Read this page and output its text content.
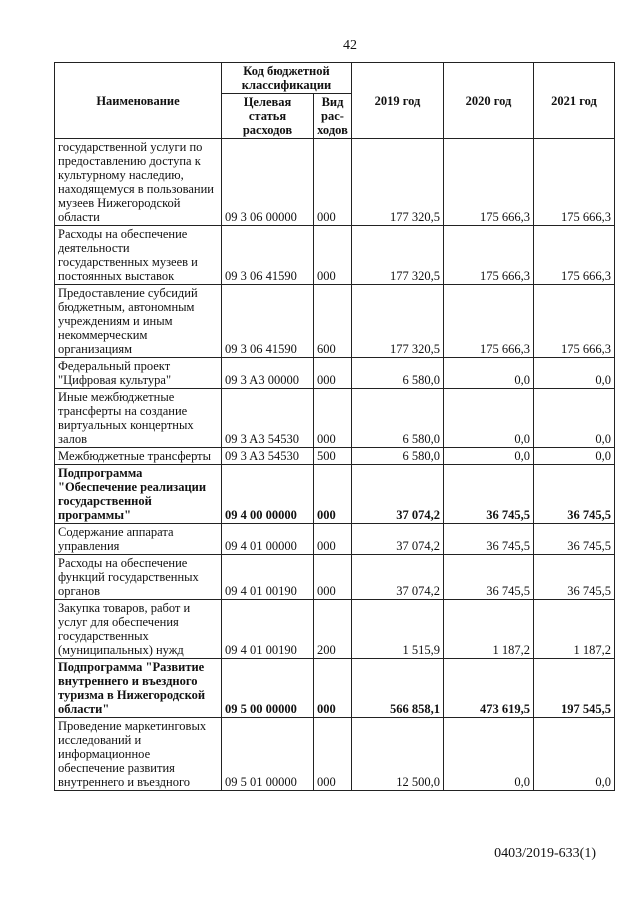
42
Наименование	Код бюджетной классификации		2019 год	2020 год	2021 год
	Целевая статья расходов	Вид рас-ходов			
государственной услуги по предоставлению доступа к культурному наследию, находящемуся в пользовании музеев Нижегородской области	09 3 06 00000	000	177 320,5	175 666,3	175 666,3
Расходы на обеспечение деятельности государственных музеев и постоянных выставок	09 3 06 41590	000	177 320,5	175 666,3	175 666,3
Предоставление субсидий бюджетным, автономным учреждениям и иным некоммерческим организациям	09 3 06 41590	600	177 320,5	175 666,3	175 666,3
Федеральный проект "Цифровая культура"	09 3 A3 00000	000	6 580,0	0,0	0,0
Иные межбюджетные трансферты на создание виртуальных концертных залов	09 3 A3 54530	000	6 580,0	0,0	0,0
Межбюджетные трансферты	09 3 A3 54530	500	6 580,0	0,0	0,0
Подпрограмма "Обеспечение реализации государственной программы"	09 4 00 00000	000	37 074,2	36 745,5	36 745,5
Содержание аппарата управления	09 4 01 00000	000	37 074,2	36 745,5	36 745,5
Расходы на обеспечение функций государственных органов	09 4 01 00190	000	37 074,2	36 745,5	36 745,5
Закупка товаров, работ и услуг для обеспечения государственных (муниципальных) нужд	09 4 01 00190	200	1 515,9	1 187,2	1 187,2
Подпрограмма "Развитие внутреннего и въездного туризма в Нижегородской области"	09 5 00 00000	000	566 858,1	473 619,5	197 545,5
Проведение маркетинговых исследований и информационное обеспечение развития внутреннего и въездного	09 5 01 00000	000	12 500,0	0,0	0,0
0403/2019-633(1)
